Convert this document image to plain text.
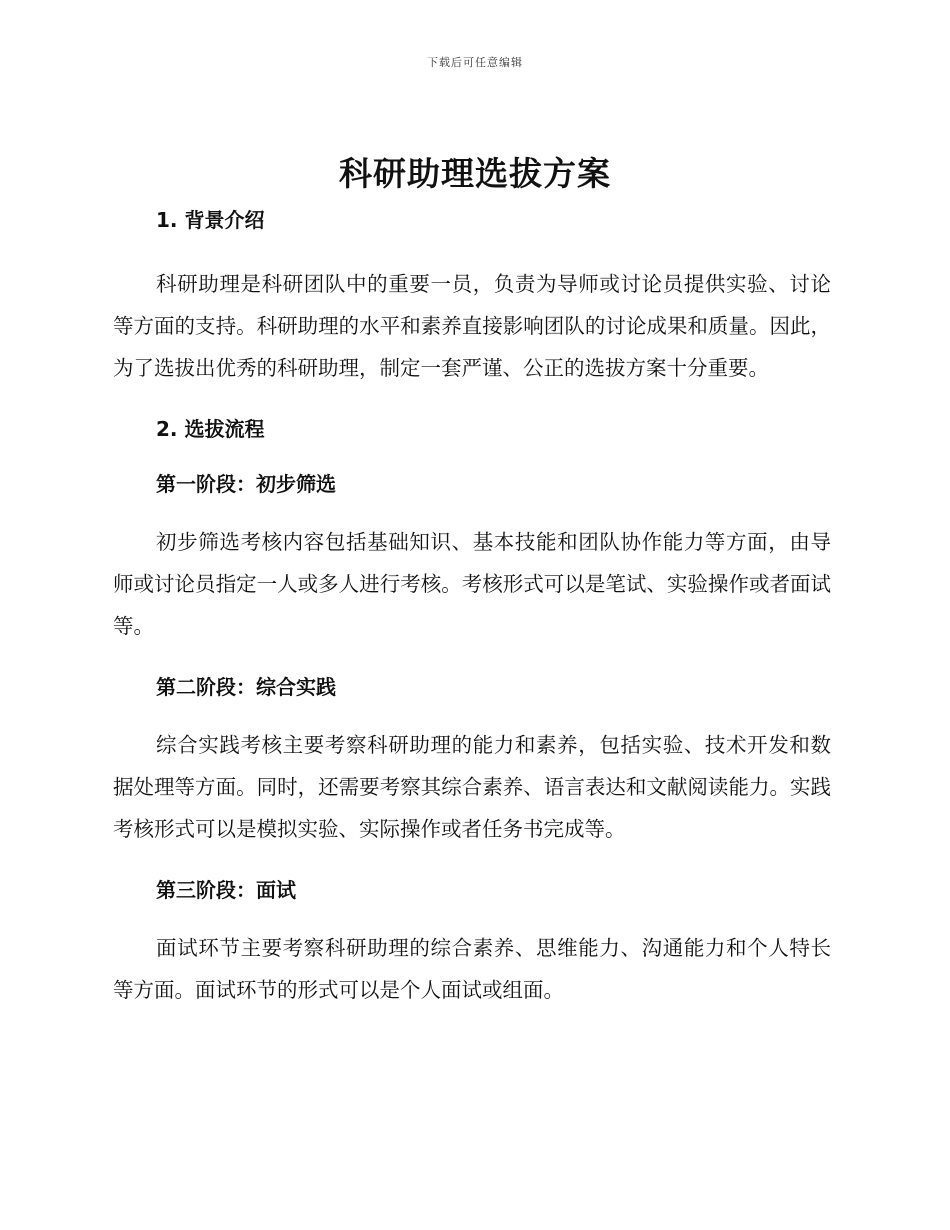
下载后可任意编辑
科研助理选拔方案
1. 背景介绍

科研助理是科研团队中的重要一员，负责为导师或讨论员提供实验、讨论等方面的支持。科研助理的水平和素养直接影响团队的讨论成果和质量。因此，为了选拔出优秀的科研助理，制定一套严谨、公正的选拔方案十分重要。

2. 选拔流程
第一阶段：初步筛选

初步筛选考核内容包括基础知识、基本技能和团队协作能力等方面，由导师或讨论员指定一人或多人进行考核。考核形式可以是笔试、实验操作或者面试等。

第二阶段：综合实践

综合实践考核主要考察科研助理的能力和素养，包括实验、技术开发和数据处理等方面。同时，还需要考察其综合素养、语言表达和文献阅读能力。实践考核形式可以是模拟实验、实际操作或者任务书完成等。

第三阶段：面试

面试环节主要考察科研助理的综合素养、思维能力、沟通能力和个人特长等方面。面试环节的形式可以是个人面试或组面。
